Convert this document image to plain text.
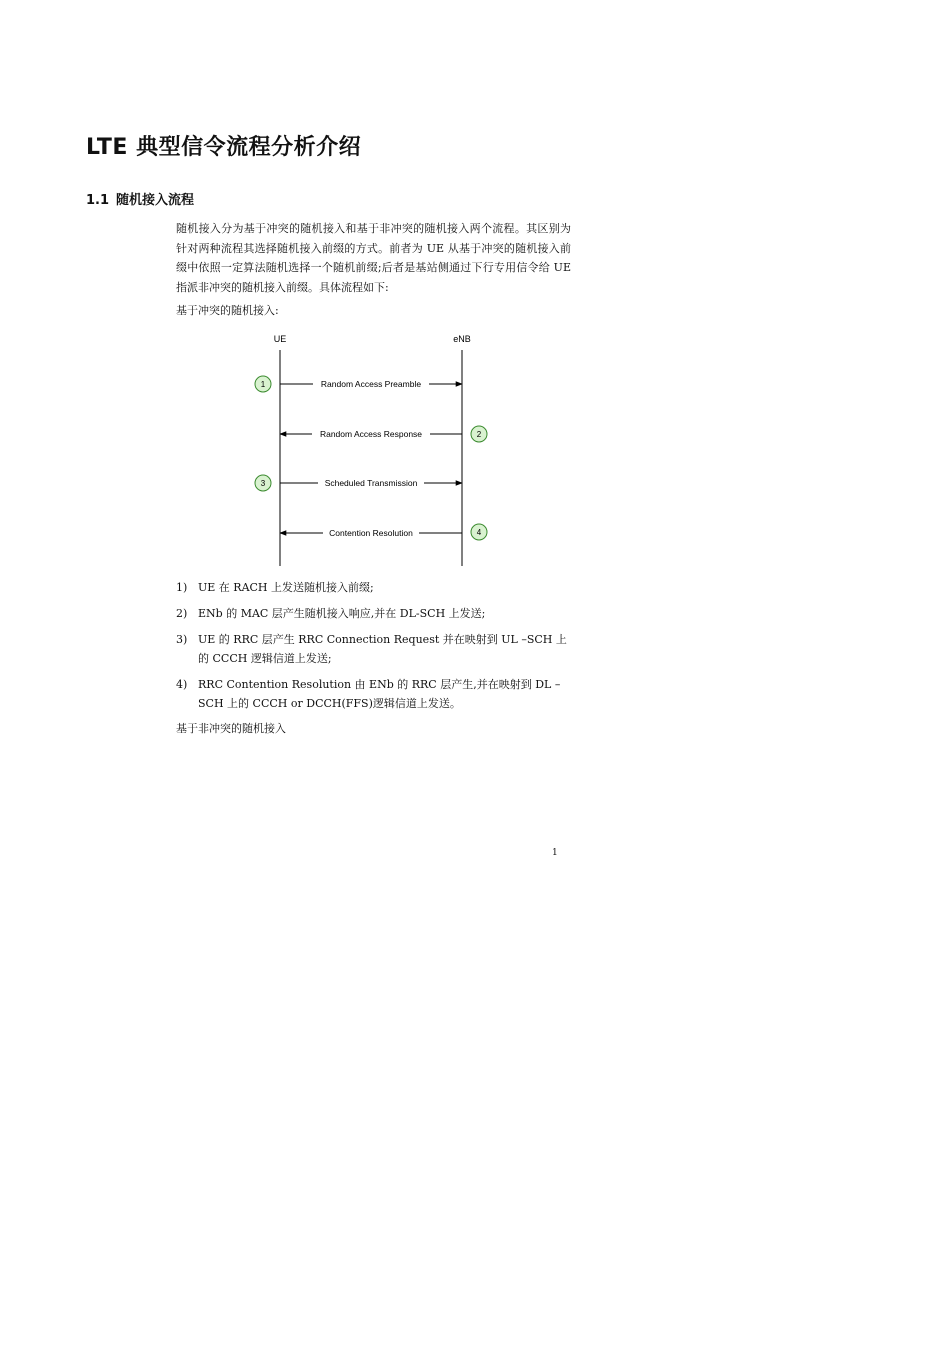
LTE 典型信令流程分析介绍
1.1 随机接入流程
随机接入分为基于冲突的随机接入和基于非冲突的随机接入两个流程。其区别为针对两种流程其选择随机接入前缀的方式。前者为 UE 从基于冲突的随机接入前缀中依照一定算法随机选择一个随机前缀;后者是基站侧通过下行专用信令给 UE 指派非冲突的随机接入前缀。具体流程如下:
基于冲突的随机接入:
UE	eNB
Random Access Preamble
1
Random Access Response	2
Scheduled Transmission
3
Contention Resolution	4
1) UE 在 RACH 上发送随机接入前缀;
2) ENb 的 MAC 层产生随机接入响应,并在 DL-SCH 上发送;
3) UE 的 RRC 层产生 RRC Connection Request 并在映射到 UL –SCH 上的 CCCH 逻辑信道上发送;
4) RRC Contention Resolution 由 ENb 的 RRC 层产生,并在映射到 DL –SCH 上的 CCCH or DCCH(FFS)逻辑信道上发送。
基于非冲突的随机接入
1
